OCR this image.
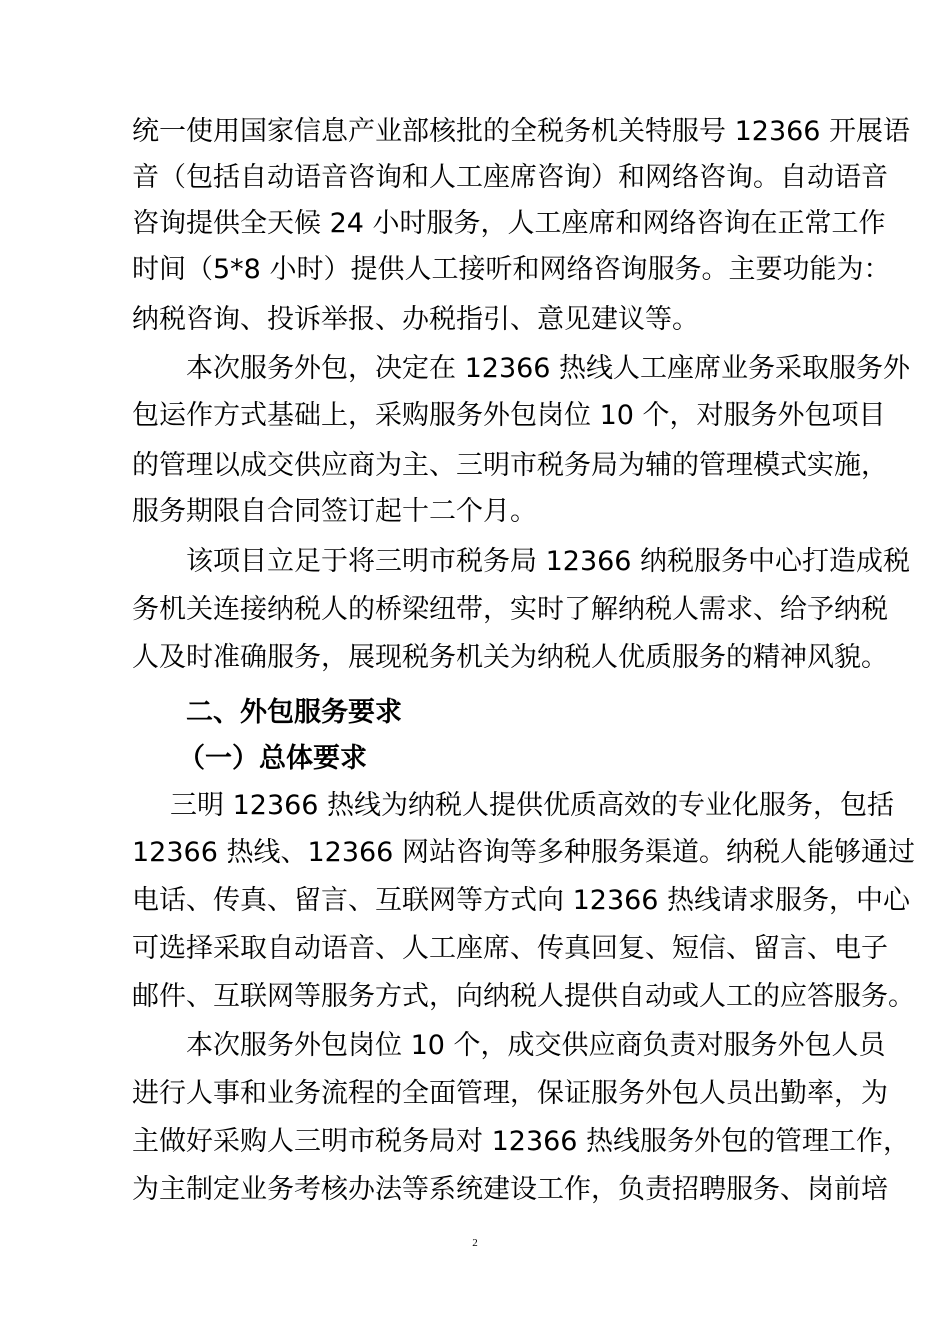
统一使用国家信息产业部核批的全税务机关特服号 12366 开展语
音（包括自动语音咨询和人工座席咨询）和网络咨询。自动语音
咨询提供全天候 24 小时服务，人工座席和网络咨询在正常工作
时间（5*8 小时）提供人工接听和网络咨询服务。主要功能为：
纳税咨询、投诉举报、办税指引、意见建议等。
本次服务外包，决定在 12366 热线人工座席业务采取服务外
包运作方式基础上，采购服务外包岗位 10 个，对服务外包项目
的管理以成交供应商为主、三明市税务局为辅的管理模式实施，
服务期限自合同签订起十二个月。
该项目立足于将三明市税务局 12366 纳税服务中心打造成税
务机关连接纳税人的桥梁纽带，实时了解纳税人需求、给予纳税
人及时准确服务，展现税务机关为纳税人优质服务的精神风貌。
二、外包服务要求
（一）总体要求
三明 12366 热线为纳税人提供优质高效的专业化服务，包括
12366 热线、12366 网站咨询等多种服务渠道。纳税人能够通过
电话、传真、留言、互联网等方式向 12366 热线请求服务，中心
可选择采取自动语音、人工座席、传真回复、短信、留言、电子
邮件、互联网等服务方式，向纳税人提供自动或人工的应答服务。
本次服务外包岗位 10 个，成交供应商负责对服务外包人员
进行人事和业务流程的全面管理，保证服务外包人员出勤率，为
主做好采购人三明市税务局对 12366 热线服务外包的管理工作，
为主制定业务考核办法等系统建设工作，负责招聘服务、岗前培
2
